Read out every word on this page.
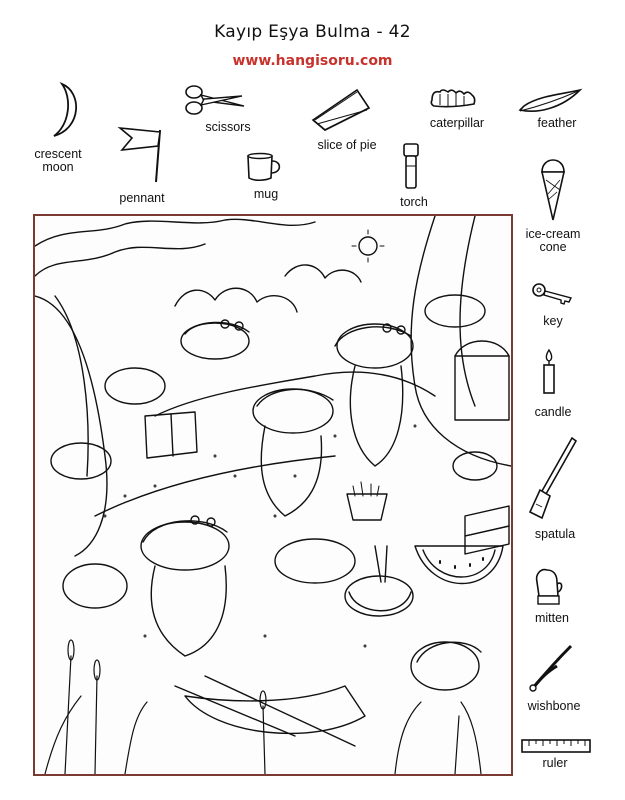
Kayıp Eşya Bulma - 42
www.hangisoru.com
crescent
moon
pennant
scissors
mug
slice of pie
torch
caterpillar	feather
ice-cream
cone
key
candle
spatula
mitten
wishbone
ruler
